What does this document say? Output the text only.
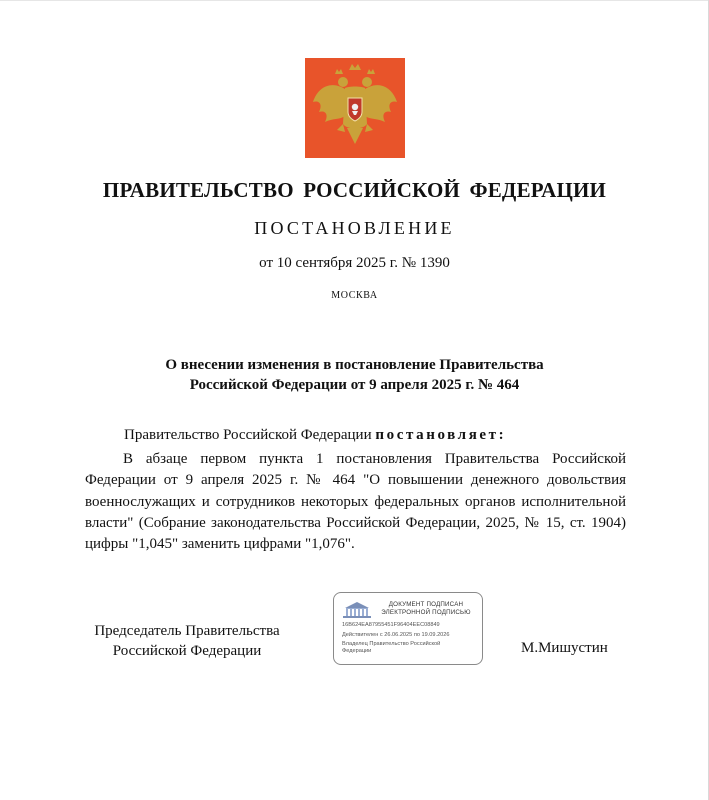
ПРАВИТЕЛЬСТВО РОССИЙСКОЙ ФЕДЕРАЦИИ
ПОСТАНОВЛЕНИЕ
от 10 сентября 2025 г. № 1390
МОСКВА
О внесении изменения в постановление Правительства
Российской Федерации от 9 апреля 2025 г. № 464
Правительство Российской Федерации постановляет:
В абзаце первом пункта 1 постановления Правительства Российской Федерации от 9 апреля 2025 г. № 464 "О повышении денежного довольствия военнослужащих и сотрудников некоторых федеральных органов исполнительной власти" (Собрание законодательства Российской Федерации, 2025, № 15, ст. 1904) цифры "1,045" заменить цифрами "1,076".
Председатель Правительства
Российской Федерации
ДОКУМЕНТ ПОДПИСАН
ЭЛЕКТРОННОЙ ПОДПИСЬЮ
16B624EA87955451F96404EEC08849
Действителен с 26.06.2025 по 19.09.2026
Владелец Правительство Российской
Федерации	М.Мишустин
